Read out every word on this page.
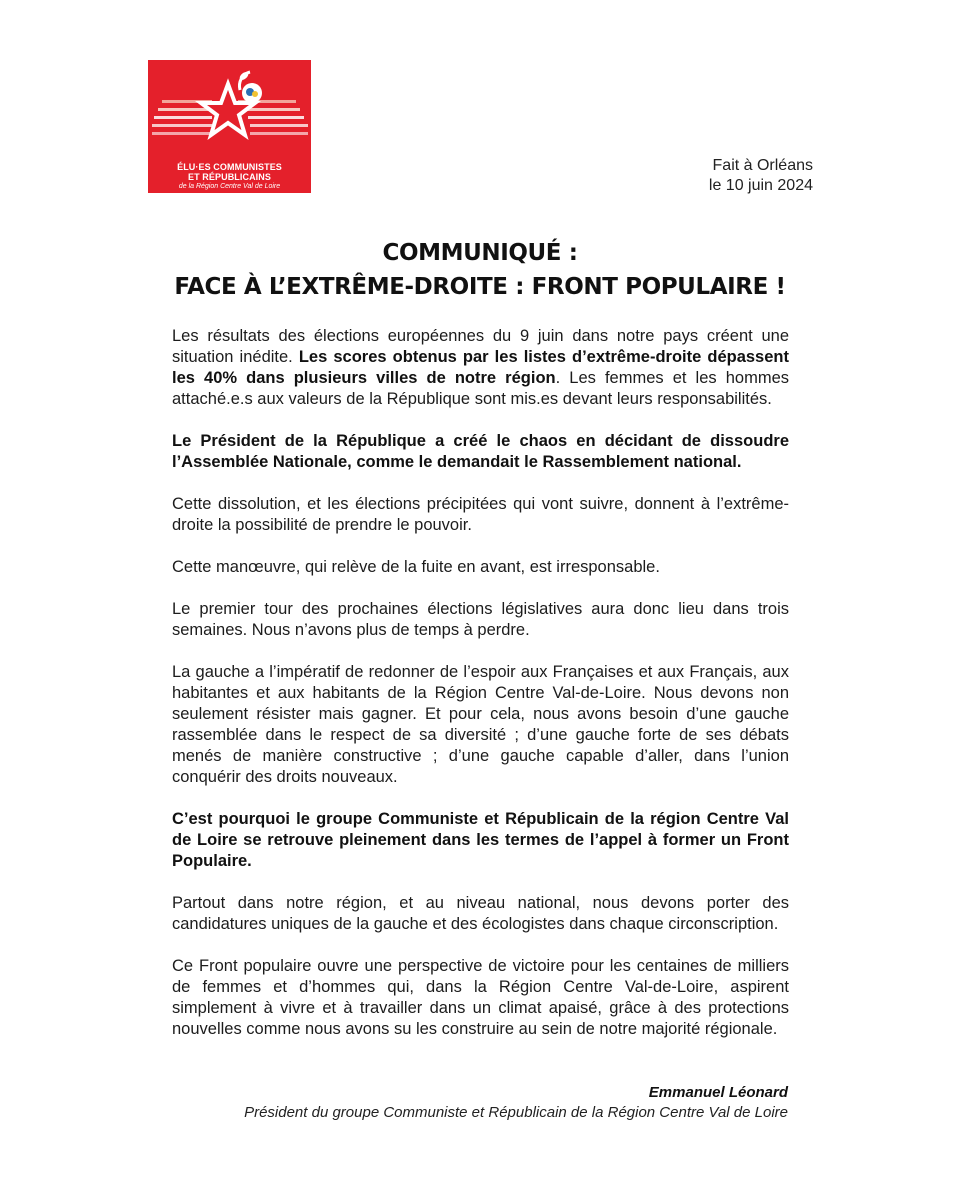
ÉLU·ES COMMUNISTES
ET RÉPUBLICAINS
de la Région Centre Val de Loire
Fait à Orléans
le 10 juin 2024
COMMUNIQUÉ :
FACE À L’EXTRÊME-DROITE : FRONT POPULAIRE !

Les résultats des élections européennes du 9 juin dans notre pays créent une situation inédite. Les scores obtenus par les listes d’extrême-droite dépassent les 40% dans plusieurs villes de notre région. Les femmes et les hommes attaché.e.s aux valeurs de la République sont mis.es devant leurs responsabilités.

Le Président de la République a créé le chaos en décidant de dissoudre l’Assemblée Nationale, comme le demandait le Rassemblement national.

Cette dissolution, et les élections précipitées qui vont suivre, donnent à l’extrême-droite la possibilité de prendre le pouvoir.

Cette manœuvre, qui relève de la fuite en avant, est irresponsable.

Le premier tour des prochaines élections législatives aura donc lieu dans trois semaines. Nous n’avons plus de temps à perdre.

La gauche a l’impératif de redonner de l’espoir aux Françaises et aux Français, aux habitantes et aux habitants de la Région Centre Val-de-Loire. Nous devons non seulement résister mais gagner. Et pour cela, nous avons besoin d’une gauche rassemblée dans le respect de sa diversité ; d’une gauche forte de ses débats menés de manière constructive ; d’une gauche capable d’aller, dans l’union conquérir des droits nouveaux.

C’est pourquoi le groupe Communiste et Républicain de la région Centre Val de Loire se retrouve pleinement dans les termes de l’appel à former un Front Populaire.

Partout dans notre région, et au niveau national, nous devons porter des candidatures uniques de la gauche et des écologistes dans chaque circonscription.

Ce Front populaire ouvre une perspective de victoire pour les centaines de milliers de femmes et d’hommes qui, dans la Région Centre Val-de-Loire, aspirent simplement à vivre et à travailler dans un climat apaisé, grâce à des protections nouvelles comme nous avons su les construire au sein de notre majorité régionale.

Emmanuel Léonard
Président du groupe Communiste et Républicain de la Région Centre Val de Loire
